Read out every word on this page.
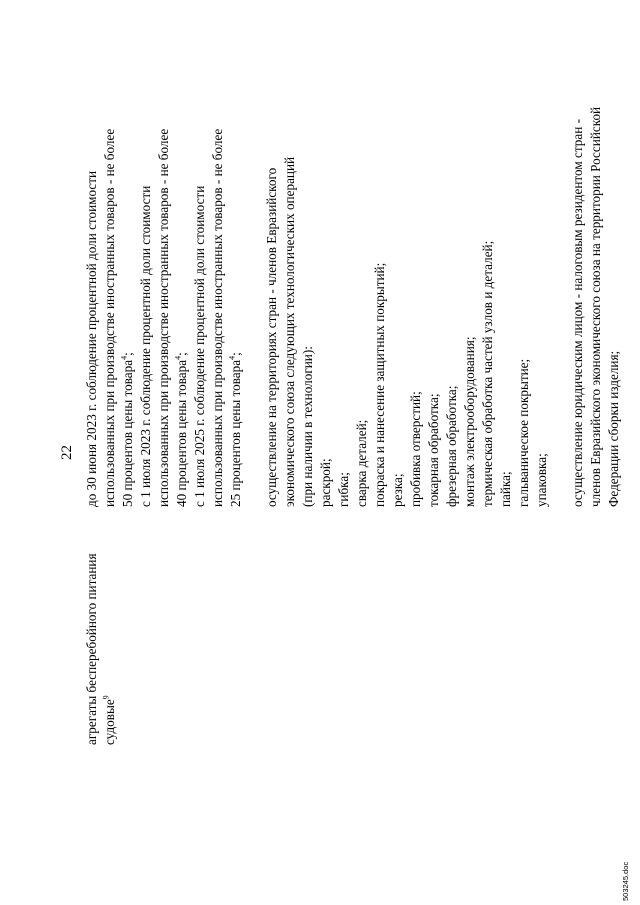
22
агрегаты бесперебойного питания судовые$^9$
до 30 июня 2023 г. соблюдение процентной доли стоимости использованных при производстве иностранных товаров - не более 50 процентов цены товара$^4$; с 1 июля 2023 г. соблюдение процентной доли стоимости использованных при производстве иностранных товаров - не более 40 процентов цены товара$^4$; с 1 июля 2025 г. соблюдение процентной доли стоимости использованных при производстве иностранных товаров - не более 25 процентов цены товара$^4$; осуществление на территориях стран - членов Евразийского экономического союза следующих технологических операций (при наличии в технологии): раскрой; гибка; сварка деталей; покраска и нанесение защитных покрытий; резка; пробивка отверстий; токарная обработка; фрезерная обработка; монтаж электрооборудования; термическая обработка частей узлов и деталей; пайка; гальваническое покрытие; упаковка; осуществление юридическим лицом - налоговым резидентом стран - членов Евразийского экономического союза на территории Российской Федерации сборки изделия;
503245.doc
